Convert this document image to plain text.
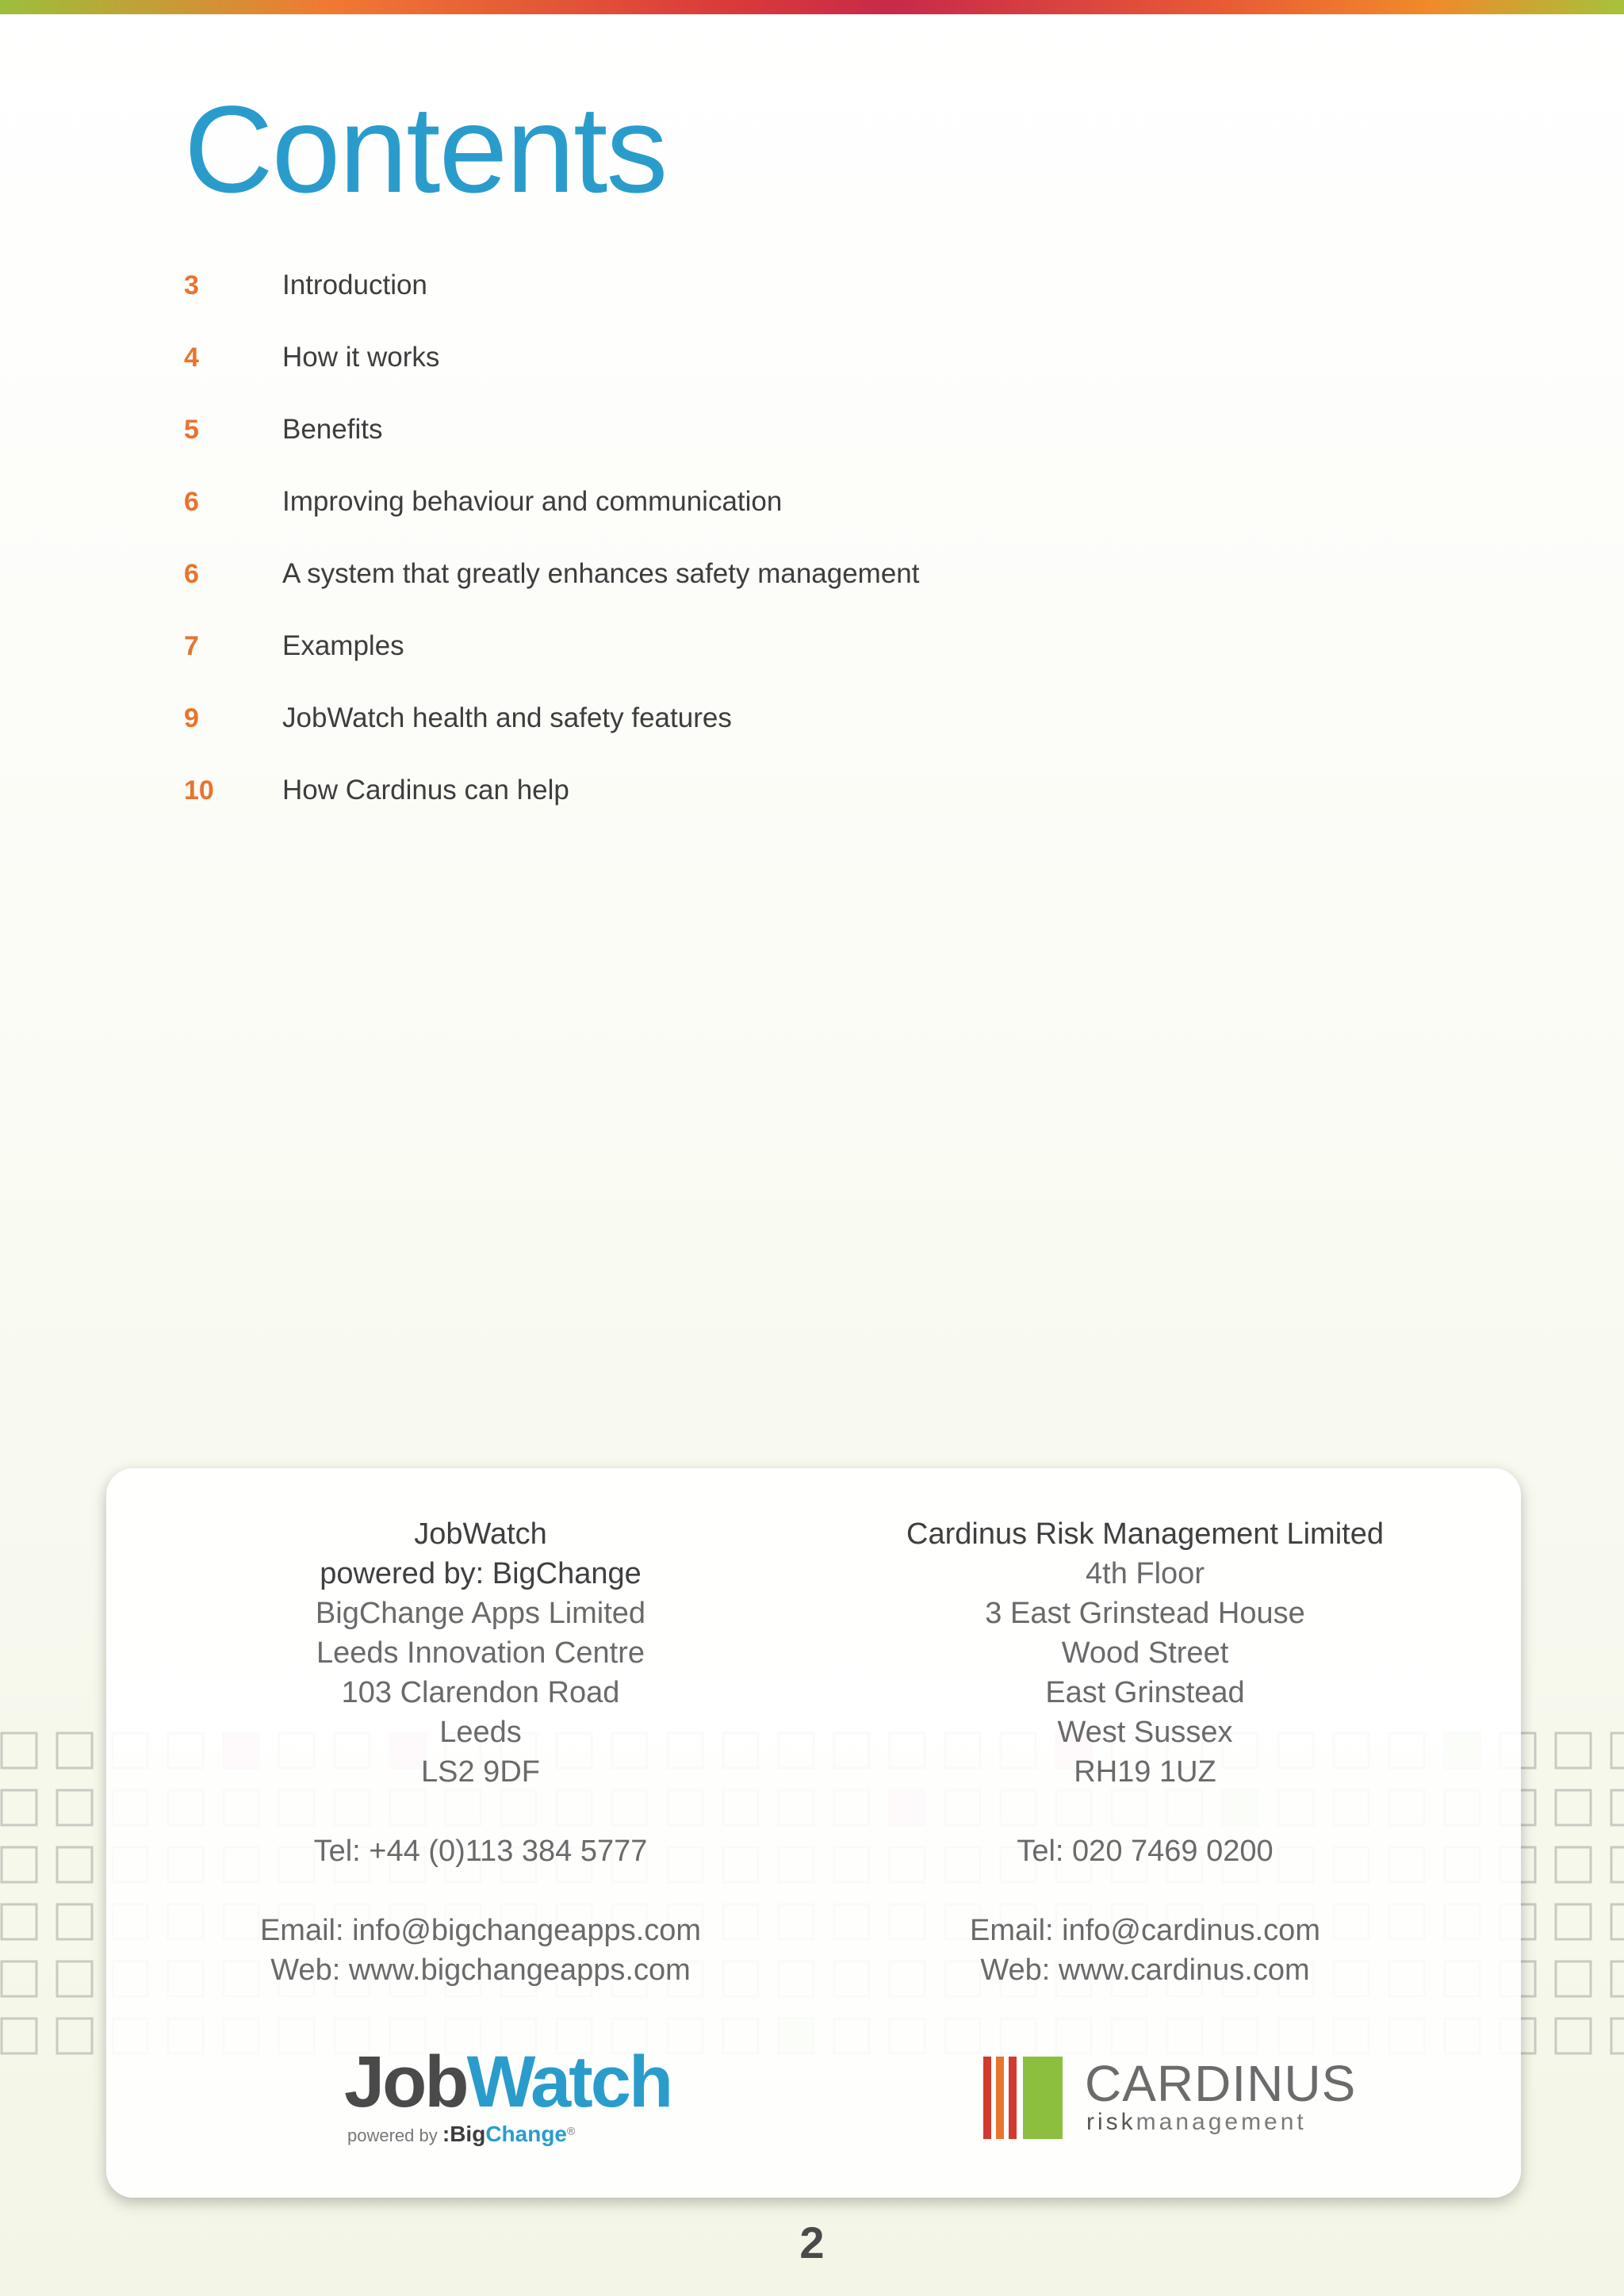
Contents
3	Introduction
4	How it works
5	Benefits
6	Improving behaviour and communication
6	A system that greatly enhances safety management
7	Examples
9	JobWatch health and safety features
10	How Cardinus can help
JobWatch
powered by: BigChange
BigChange Apps Limited
Leeds Innovation Centre
103 Clarendon Road
Leeds
LS2 9DF
Tel: +44 (0)113 384 5777
Email: info@bigchangeapps.com
Web: www.bigchangeapps.com
Cardinus Risk Management Limited
4th Floor
3 East Grinstead House
Wood Street
East Grinstead
West Sussex
RH19 1UZ
Tel: 020 7469 0200
Email: info@cardinus.com
Web: www.cardinus.com
JobWatch
powered by :BigChange®
CARDINUS
riskmanagement
2
